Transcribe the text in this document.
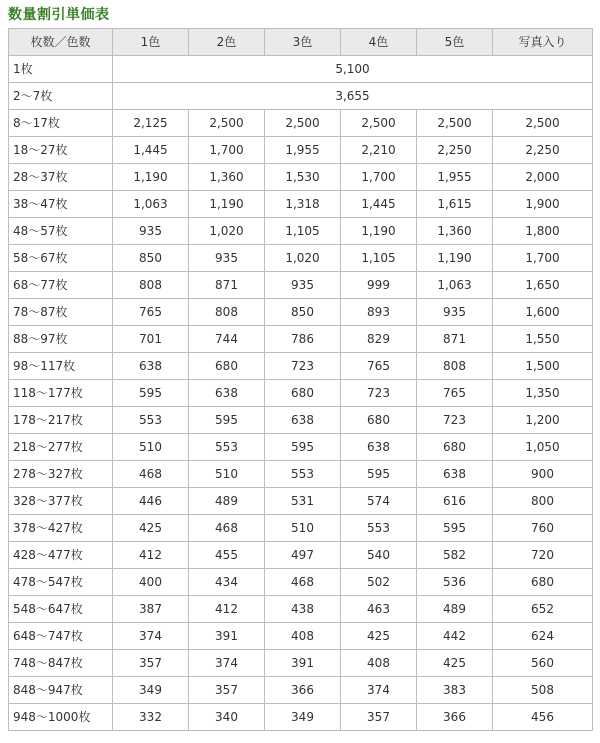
数量割引単価表
枚数／色数	1色	2色	3色	4色	5色	写真入り
1枚	5,100					
2〜7枚	3,655					
8〜17枚	2,125	2,500	2,500	2,500	2,500	2,500
18〜27枚	1,445	1,700	1,955	2,210	2,250	2,250
28〜37枚	1,190	1,360	1,530	1,700	1,955	2,000
38〜47枚	1,063	1,190	1,318	1,445	1,615	1,900
48〜57枚	935	1,020	1,105	1,190	1,360	1,800
58〜67枚	850	935	1,020	1,105	1,190	1,700
68〜77枚	808	871	935	999	1,063	1,650
78〜87枚	765	808	850	893	935	1,600
88〜97枚	701	744	786	829	871	1,550
98〜117枚	638	680	723	765	808	1,500
118〜177枚	595	638	680	723	765	1,350
178〜217枚	553	595	638	680	723	1,200
218〜277枚	510	553	595	638	680	1,050
278〜327枚	468	510	553	595	638	900
328〜377枚	446	489	531	574	616	800
378〜427枚	425	468	510	553	595	760
428〜477枚	412	455	497	540	582	720
478〜547枚	400	434	468	502	536	680
548〜647枚	387	412	438	463	489	652
648〜747枚	374	391	408	425	442	624
748〜847枚	357	374	391	408	425	560
848〜947枚	349	357	366	374	383	508
948〜1000枚	332	340	349	357	366	456
